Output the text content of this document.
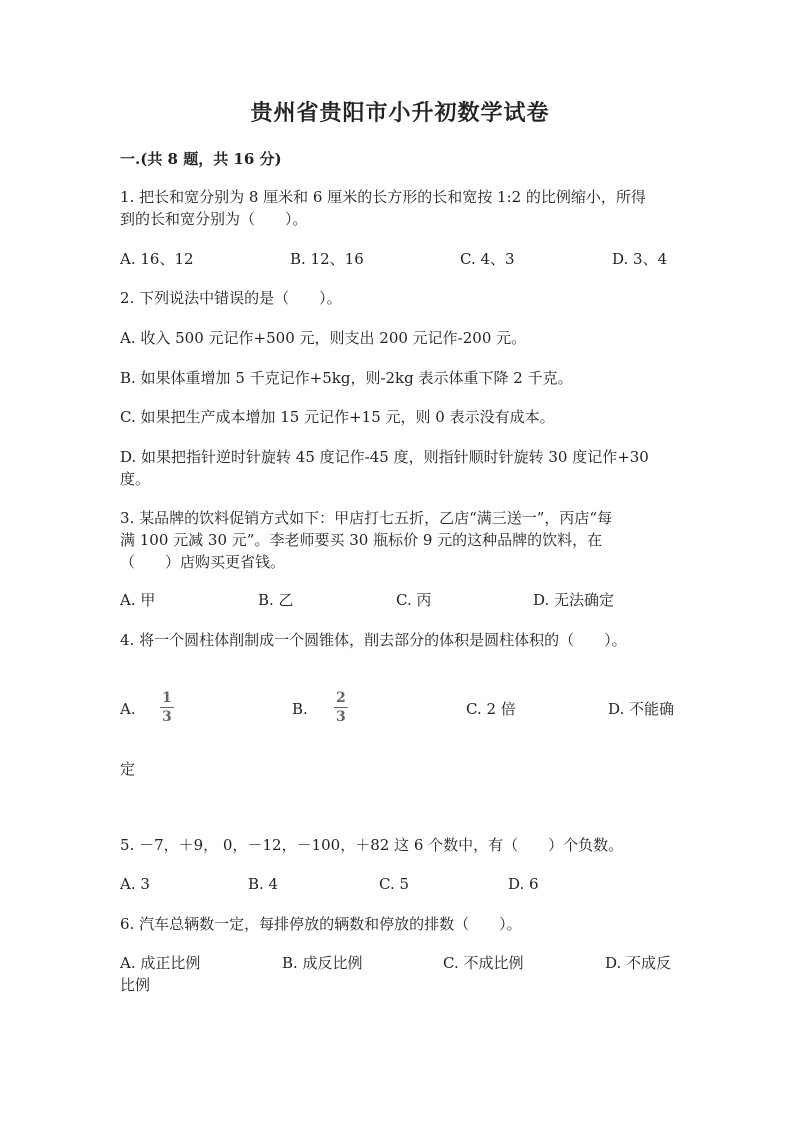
贵州省贵阳市小升初数学试卷
一.(共 8 题，共 16 分)
1. 把长和宽分别为 8 厘米和 6 厘米的长方形的长和宽按 1:2 的比例缩小，所得
到的长和宽分别为（　　）。
A. 16、12	B. 12、16	C. 4、3	D. 3、4
2. 下列说法中错误的是（　　）。
A. 收入 500 元记作+500 元，则支出 200 元记作-200 元。
B. 如果体重增加 5 千克记作+5kg，则-2kg 表示体重下降 2 千克。
C. 如果把生产成本增加 15 元记作+15 元，则 0 表示没有成本。
D. 如果把指针逆时针旋转 45 度记作-45 度，则指针顺时针旋转 30 度记作+30
度。
3. 某品牌的饮料促销方式如下：甲店打七五折，乙店“满三送一”，丙店“每
满 100 元减 30 元”。李老师要买 30 瓶标价 9 元的这种品牌的饮料，在
（　　）店购买更省钱。
A. 甲	B. 乙	C. 丙	D. 无法确定
4. 将一个圆柱体削制成一个圆锥体，削去部分的体积是圆柱体积的（　　）。
A.
1
3	B.
2
3	C. 2 倍	D. 不能确
定
5. －7，＋9， 0，－12，－100，＋82 这 6 个数中，有（　　）个负数。
A. 3	B. 4	C. 5	D. 6
6. 汽车总辆数一定，每排停放的辆数和停放的排数（　　）。
A. 成正比例	B. 成反比例	C. 不成比例	D. 不成反
比例
